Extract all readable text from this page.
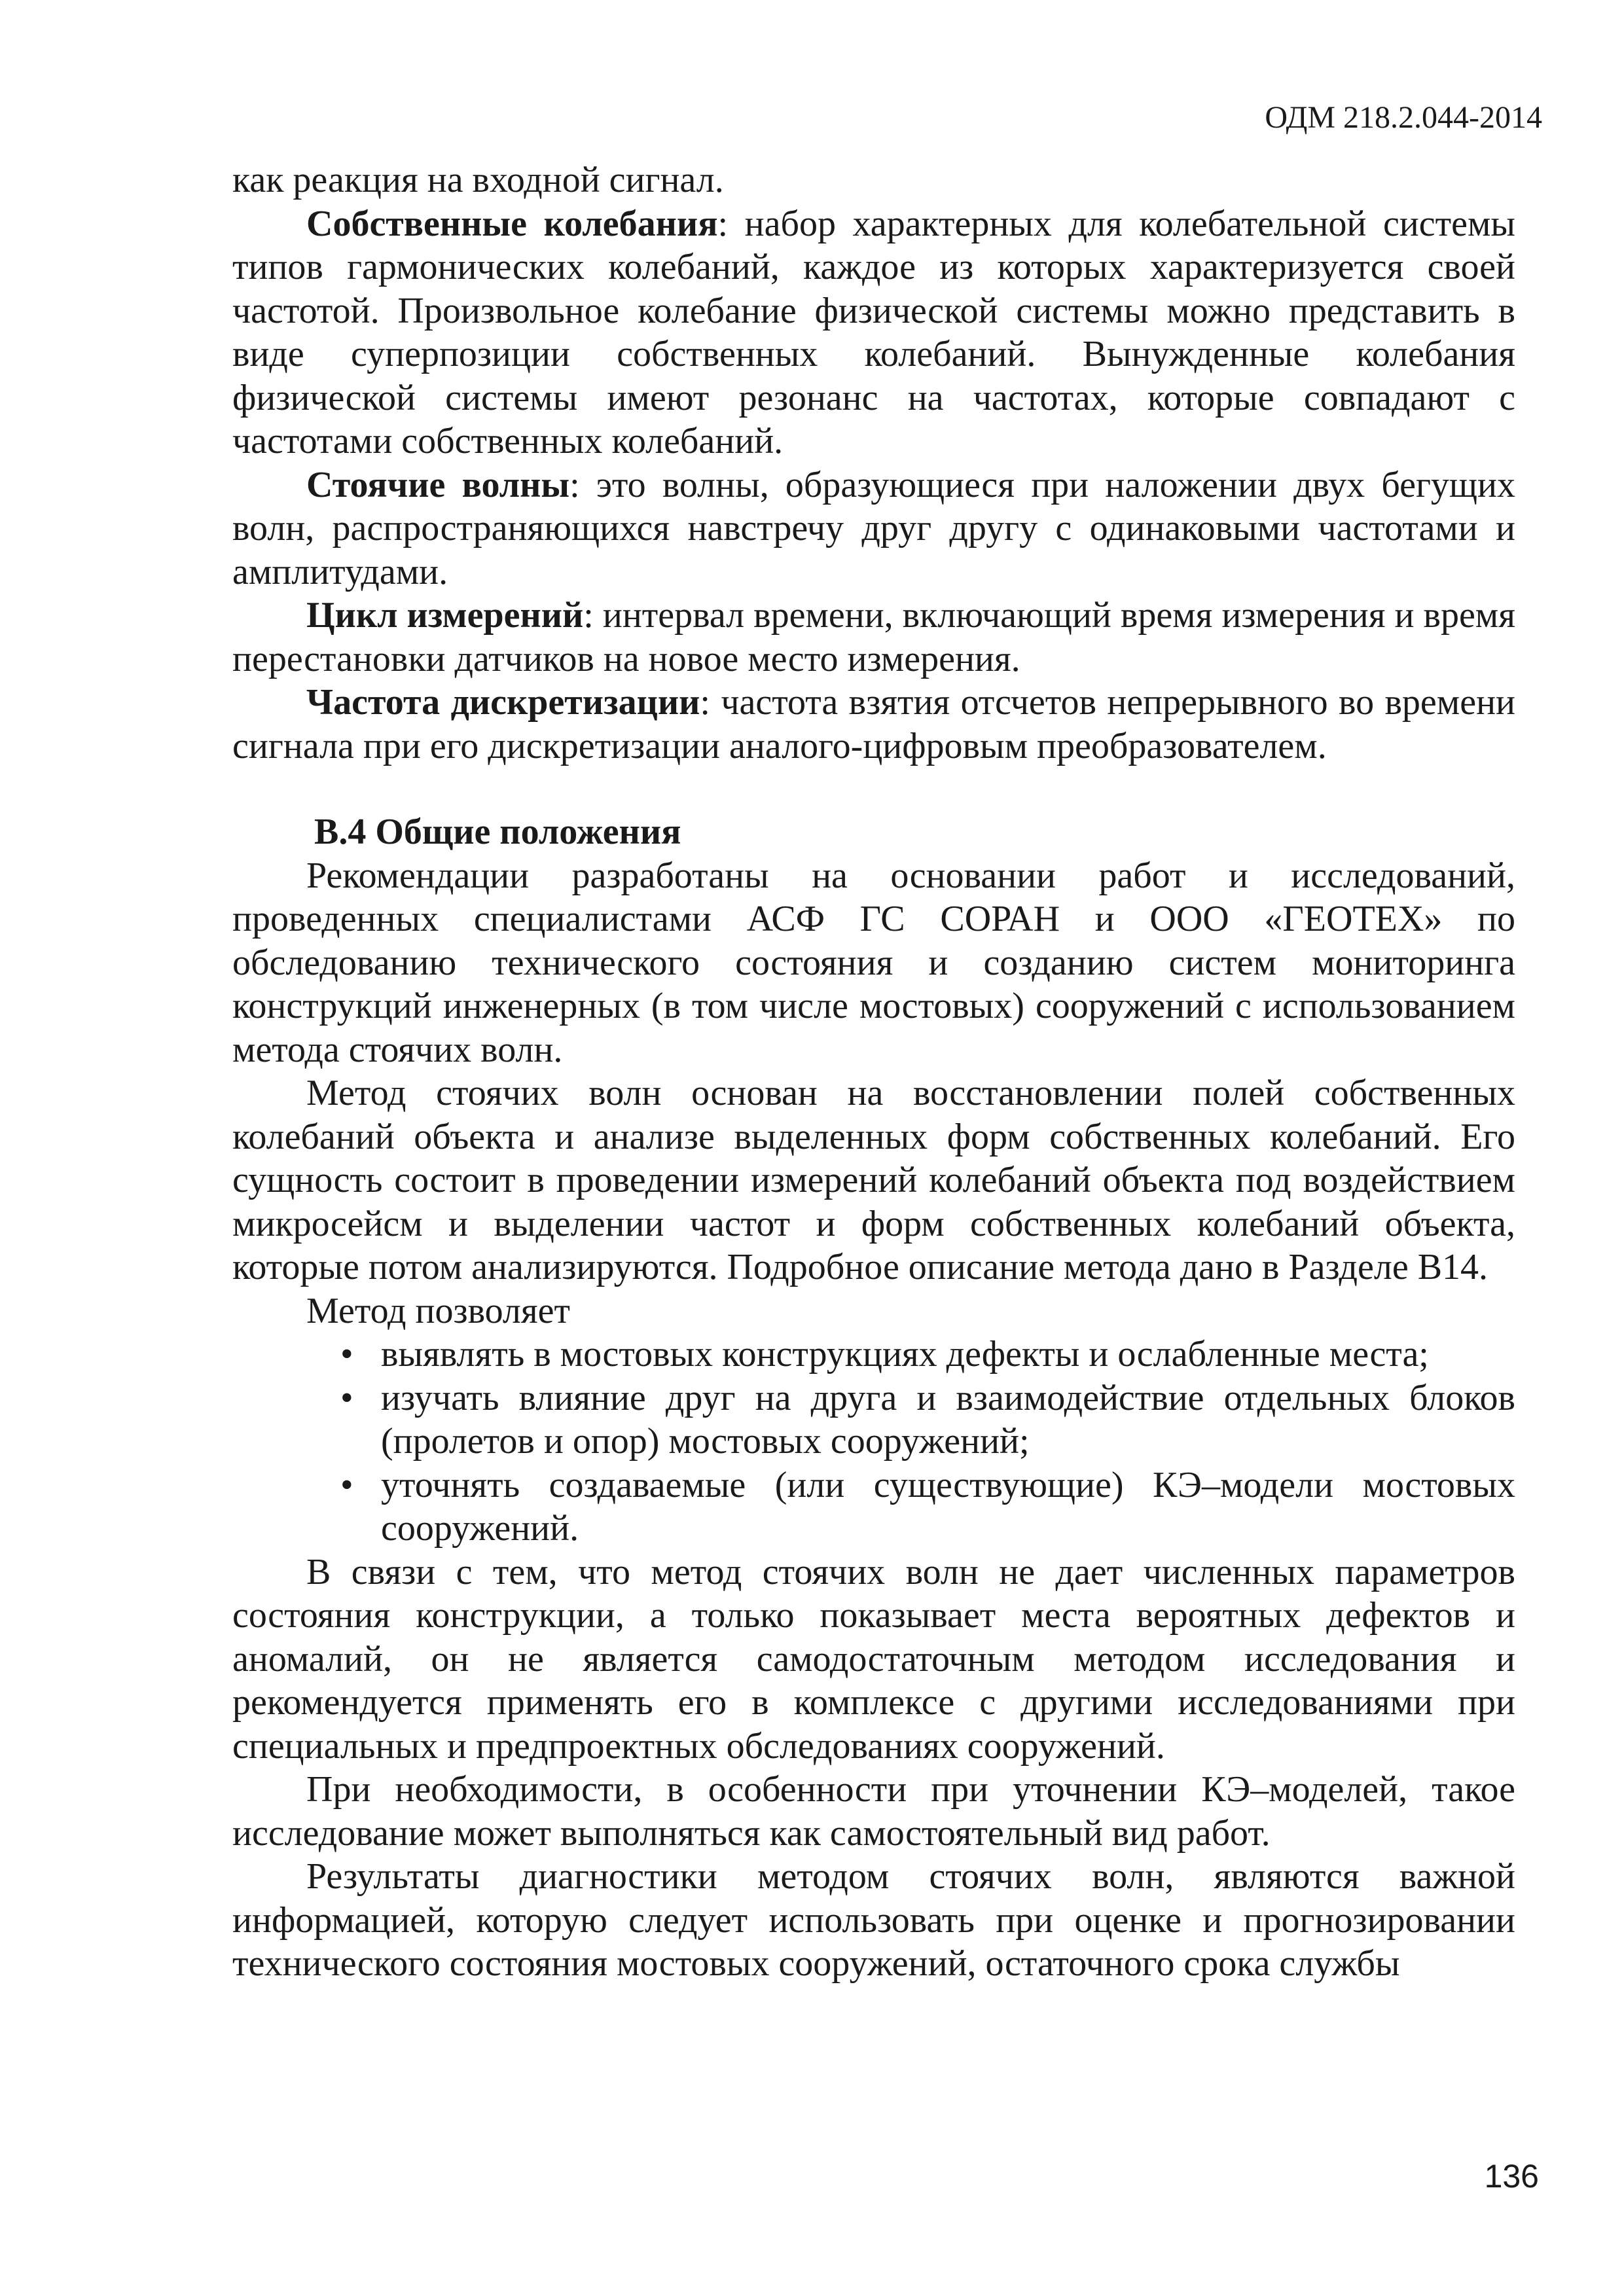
ОДМ 218.2.044-2014

как реакция на входной сигнал.

Собственные колебания: набор характерных для колебательной системы типов гармонических колебаний, каждое из которых характеризуется своей частотой. Произвольное колебание физической системы можно представить в виде суперпозиции собственных колебаний. Вынужденные колебания физической системы имеют резонанс на частотах, которые совпадают с частотами собственных колебаний.

Стоячие волны: это волны, образующиеся при наложении двух бегущих волн, распространяющихся навстречу друг другу с одинаковыми частотами и амплитудами.

Цикл измерений: интервал времени, включающий время измерения и время перестановки датчиков на новое место измерения.

Частота дискретизации: частота взятия отсчетов непрерывного во времени сигнала при его дискретизации аналого-цифровым преобразователем.

В.4 Общие положения

Рекомендации разработаны на основании работ и исследований, проведенных специалистами АСФ ГС СОРАН и ООО «ГЕОТЕХ» по обследованию технического состояния и созданию систем мониторинга конструкций инженерных (в том числе мостовых) сооружений с использованием метода стоячих волн.

Метод стоячих волн основан на восстановлении полей собственных колебаний объекта и анализе выделенных форм собственных колебаний. Его сущность состоит в проведении измерений колебаний объекта под воздействием микросейсм и выделении частот и форм собственных колебаний объекта, которые потом анализируются. Подробное описание метода дано в Разделе В14.

Метод позволяет

• выявлять в мостовых конструкциях дефекты и ослабленные места;
• изучать влияние друг на друга и взаимодействие отдельных блоков (пролетов и опор) мостовых сооружений;
• уточнять создаваемые (или существующие) КЭ–модели мостовых сооружений.

В связи с тем, что метод стоячих волн не дает численных параметров состояния конструкции, а только показывает места вероятных дефектов и аномалий, он не является самодостаточным методом исследования и рекомендуется применять его в комплексе с другими исследованиями при специальных и предпроектных обследованиях сооружений.

При необходимости, в особенности при уточнении КЭ–моделей, такое исследование может выполняться как самостоятельный вид работ.

Результаты диагностики методом стоячих волн, являются важной информацией, которую следует использовать при оценке и прогнозировании технического состояния мостовых сооружений, остаточного срока службы

136
